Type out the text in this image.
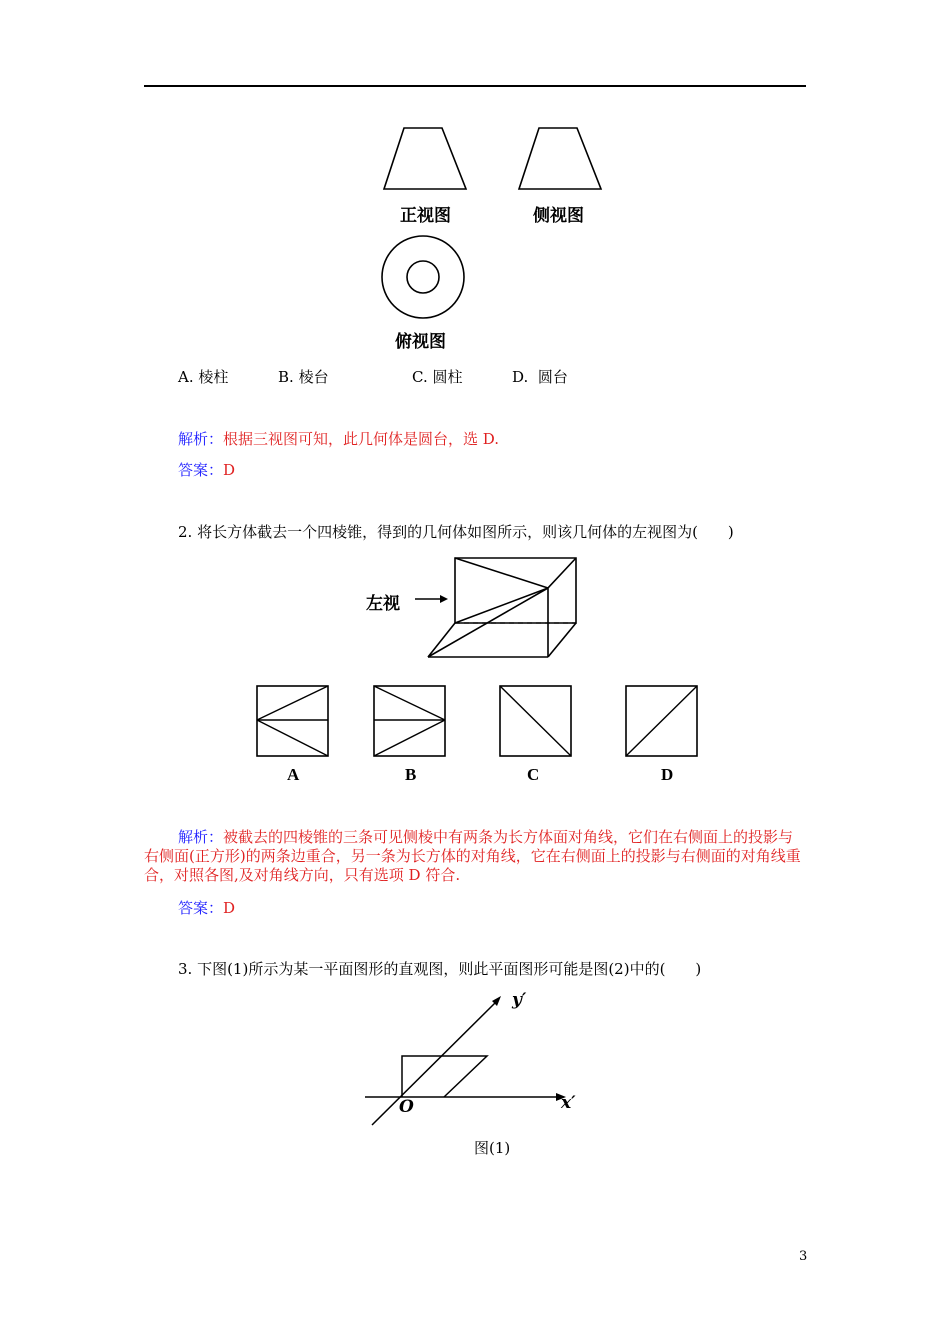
正视图	侧视图
俯视图
A. 棱柱	B. 棱台	C. 圆柱	D. 圆台
解析：根据三视图可知，此几何体是圆台，选 D.
答案：D
2. 将长方体截去一个四棱锥，得到的几何体如图所示，则该几何体的左视图为(　　)
左视
A	B	C	D
解析：被截去的四棱锥的三条可见侧棱中有两条为长方体面对角线，它们在右侧面上的投影与右侧面(正方形)的两条边重合，另一条为长方体的对角线，它在右侧面上的投影与右侧面的对角线重合，对照各图,及对角线方向，只有选项 D 符合.
答案：D
3. 下图(1)所示为某一平面图形的直观图，则此平面图形可能是图(2)中的(　　)
y′
x′
O
图(1)
3
